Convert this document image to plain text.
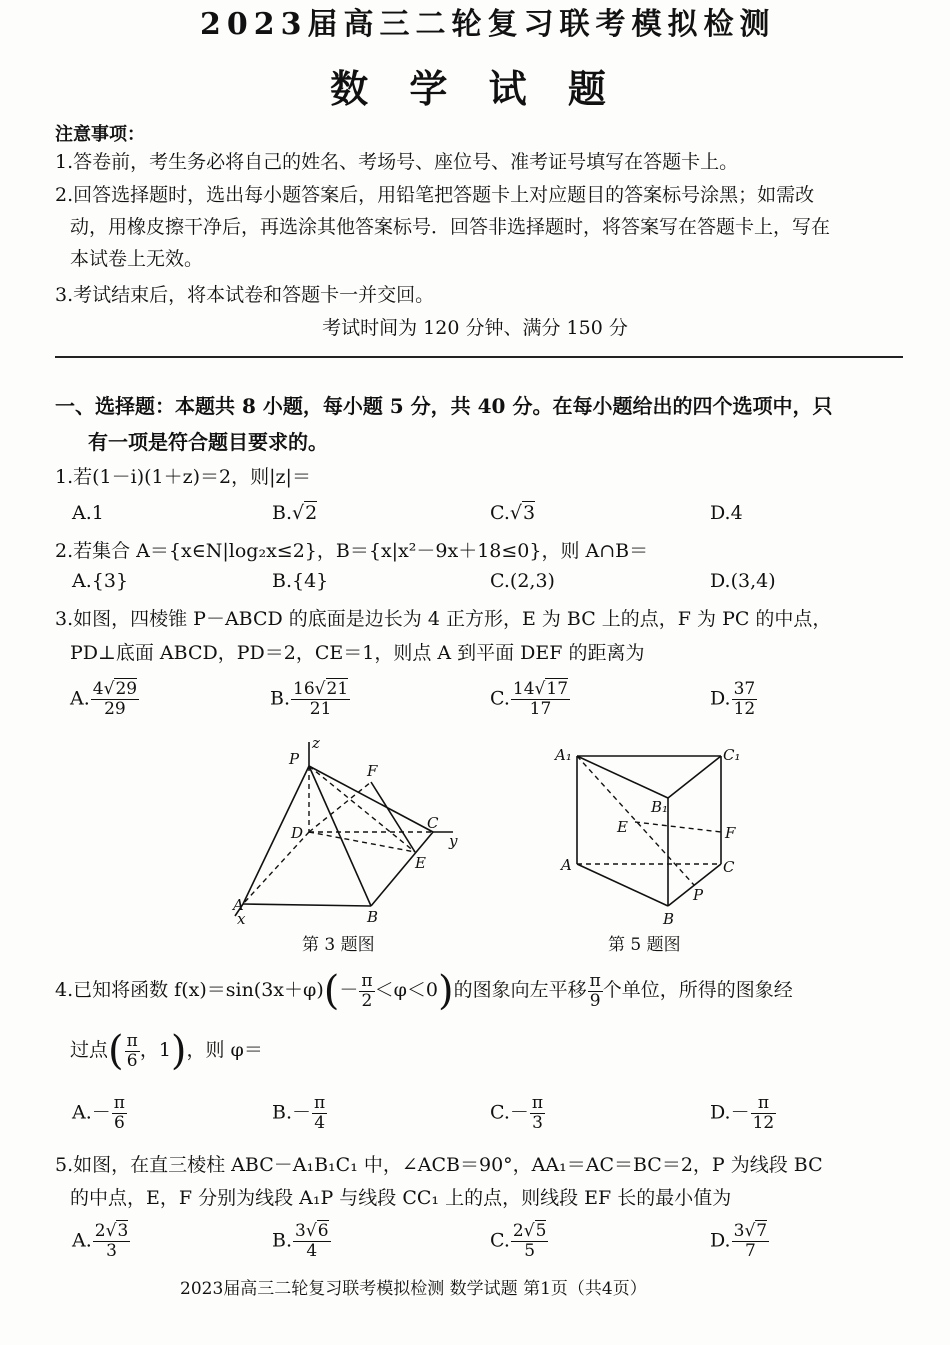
2023届高三二轮复习联考模拟检测
数 学 试 题
注意事项：
1.答卷前，考生务必将自己的姓名、考场号、座位号、准考证号填写在答题卡上。
2.回答选择题时，选出每小题答案后，用铅笔把答题卡上对应题目的答案标号涂黑；如需改
动，用橡皮擦干净后，再选涂其他答案标号．回答非选择题时，将答案写在答题卡上，写在
本试卷上无效。
3.考试结束后，将本试卷和答题卡一并交回。
考试时间为 120 分钟、满分 150 分
一、选择题：本题共 8 小题，每小题 5 分，共 40 分。在每小题给出的四个选项中，只
有一项是符合题目要求的。
1.若(1－i)(1＋z)＝2，则|z|＝
A.1	B.√2	C.√3	D.4
2.若集合 A＝{x∈N|log₂x≤2}，B＝{x|x²－9x＋18≤0}，则 A∩B＝
A.{3}	B.{4}	C.(2,3)	D.(3,4)
3.如图，四棱锥 P－ABCD 的底面是边长为 4 正方形，E 为 BC 上的点，F 为 PC 的中点，
PD⊥底面 ABCD，PD＝2，CE＝1，则点 A 到平面 DEF 的距离为
A. $\frac{4√29}{29}$	B. $\frac{16√21}{21}$	C. $\frac{14√17}{17}$	D. $\frac{37}{12}$
P
z
F
D
C
y
E
A
x	B
第 3 题图
A₁	C₁
B₁
E	F
A	C
P
B
第 5 题图
4.已知将函数 $f(x)=\sin(3x+\varphi)(- \frac{\pi}{2} <\varphi<0)$的图象向左平移 $\frac{\pi}{9}$ 个单位，所得的图象经
过点( $\frac{\pi}{6}$ ，1)，则 φ＝
$A.- \frac{\pi}{6}$	$B.- \frac{\pi}{4}$	$C.- \frac{\pi}{3}$	$D.- \frac{\pi}{12}$
5.如图，在直三棱柱 ABC－A₁B₁C₁ 中，∠ACB＝90°，AA₁＝AC＝BC＝2，P 为线段 BC
的中点，E，F 分别为线段 A₁P 与线段 CC₁ 上的点，则线段 EF 长的最小值为
A. $\frac{2√3}{3}$	B. $\frac{3√6}{4}$	C. $\frac{2√5}{5}$	D. $\frac{3√7}{7}$
2023届高三二轮复习联考模拟检测 数学试题 第1页（共4页）
